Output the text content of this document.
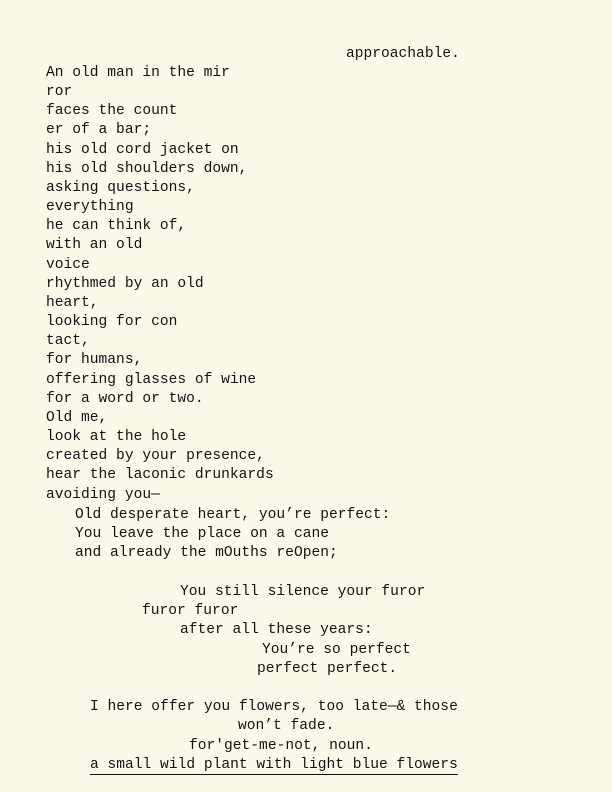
approachable.
An old man in the mir
ror
faces the count
er of a bar;
his old cord jacket on
his old shoulders down,
asking questions,
everything
he can think of,
with an old
voice
rhythmed by an old
heart,
looking for con
tact,
for humans,
offering glasses of wine
for a word or two.
Old me,
look at the hole
created by your presence,
hear the laconic drunkards
avoiding you—
Old desperate heart, you’re perfect:
You leave the place on a cane
and already the mOuths reOpen;
You still silence your furor
furor furor
after all these years:
You’re so perfect
perfect perfect.
I here offer you flowers, too late—& those
won’t fade.
for'get-me-not, noun.
a small wild plant with light blue flowers
